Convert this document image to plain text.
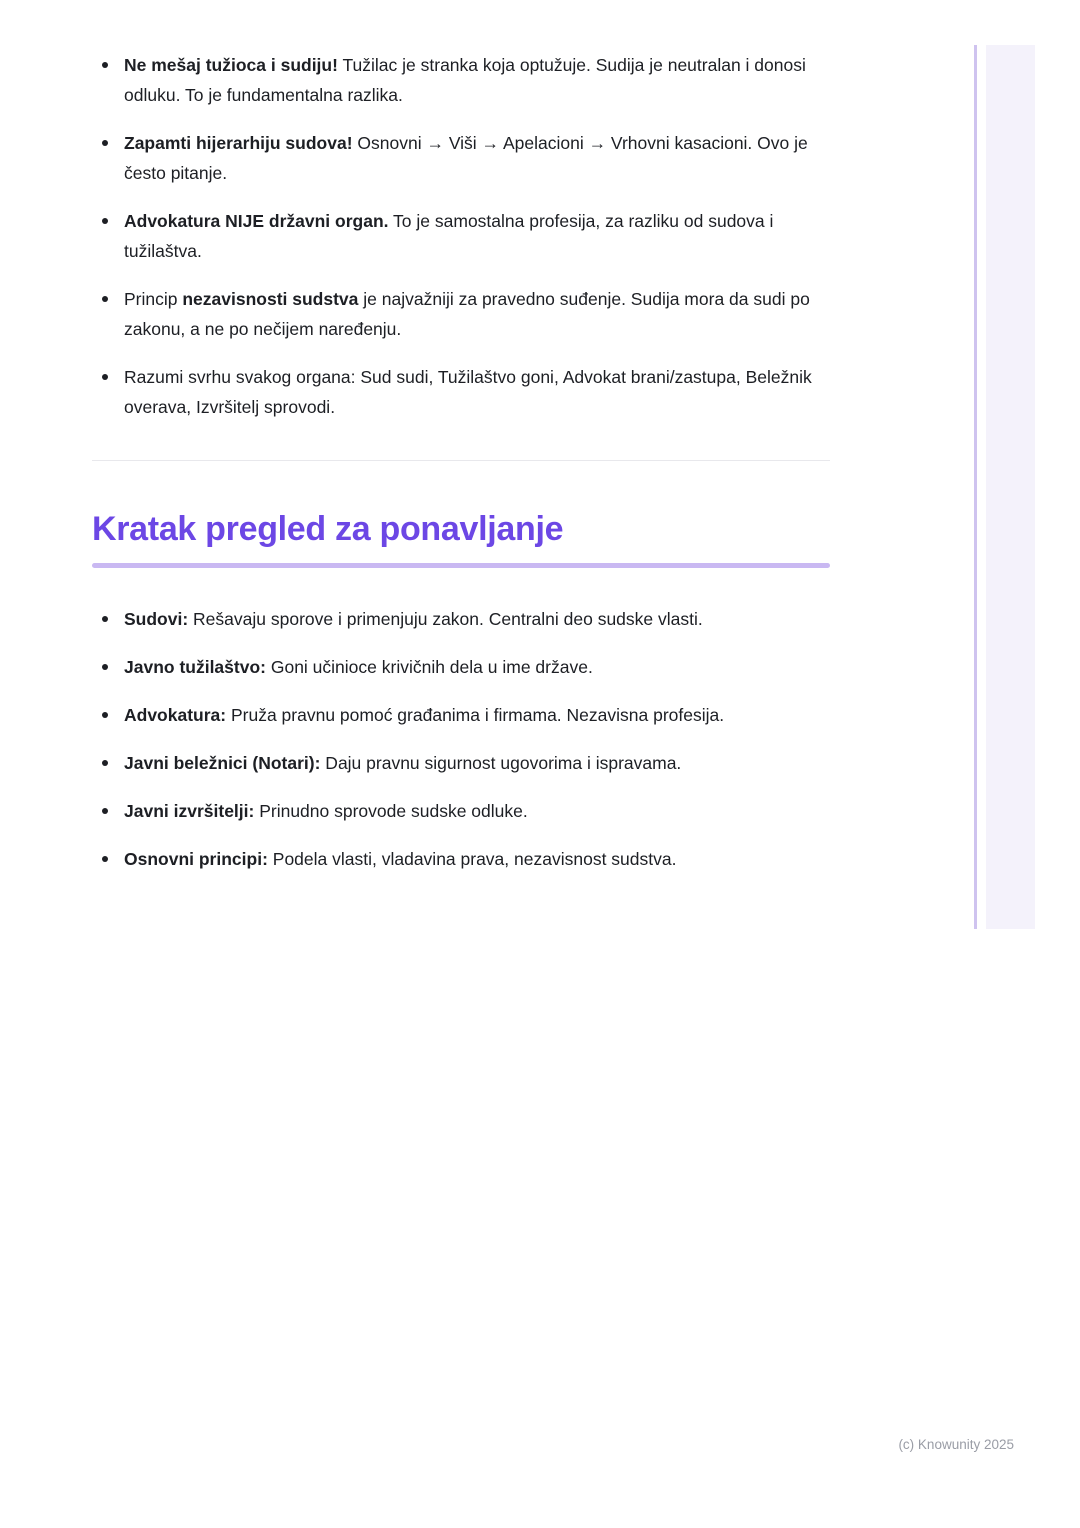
Ne mešaj tužioca i sudiju! Tužilac je stranka koja optužuje. Sudija je neutralan i donosi odluku. To je fundamentalna razlika.
Zapamti hijerarhiju sudova! Osnovni → Viši → Apelacioni → Vrhovni kasacioni. Ovo je često pitanje.
Advokatura NIJE državni organ. To je samostalna profesija, za razliku od sudova i tužilaštva.
Princip nezavisnosti sudstva je najvažniji za pravedno suđenje. Sudija mora da sudi po zakonu, a ne po nečijem naređenju.
Razumi svrhu svakog organa: Sud sudi, Tužilaštvo goni, Advokat brani/zastupa, Beležnik overava, Izvršitelj sprovodi.
Kratak pregled za ponavljanje
Sudovi: Rešavaju sporove i primenjuju zakon. Centralni deo sudske vlasti.
Javno tužilaštvo: Goni učinioce krivičnih dela u ime države.
Advokatura: Pruža pravnu pomoć građanima i firmama. Nezavisna profesija.
Javni beležnici (Notari): Daju pravnu sigurnost ugovorima i ispravama.
Javni izvršitelji: Prinudno sprovode sudske odluke.
Osnovni principi: Podela vlasti, vladavina prava, nezavisnost sudstva.
(c) Knowunity 2025
